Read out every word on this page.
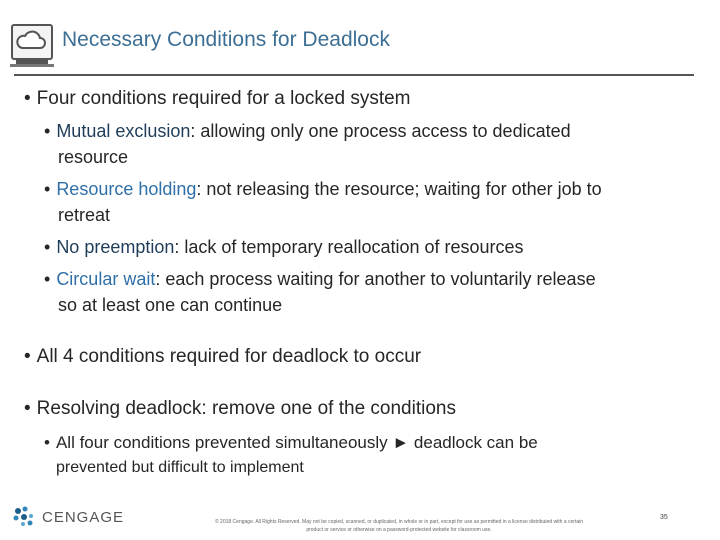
Necessary Conditions for Deadlock
• Four conditions required for a locked system
• Mutual exclusion: allowing only one process access to dedicated
resource
• Resource holding: not releasing the resource; waiting for other job to
retreat
• No preemption: lack of temporary reallocation of resources
• Circular wait: each process waiting for another to voluntarily release
so at least one can continue
• All 4 conditions required for deadlock to occur
• Resolving deadlock: remove one of the conditions
• All four conditions prevented simultaneously ► deadlock can be
prevented but difficult to implement
CENGAGE	© 2018 Cengage. All Rights Reserved. May not be copied, scanned, or duplicated, in whole or in part, except for use as permitted in a license distributed with a certain product or service or otherwise on a password-protected website for classroom use.
35
